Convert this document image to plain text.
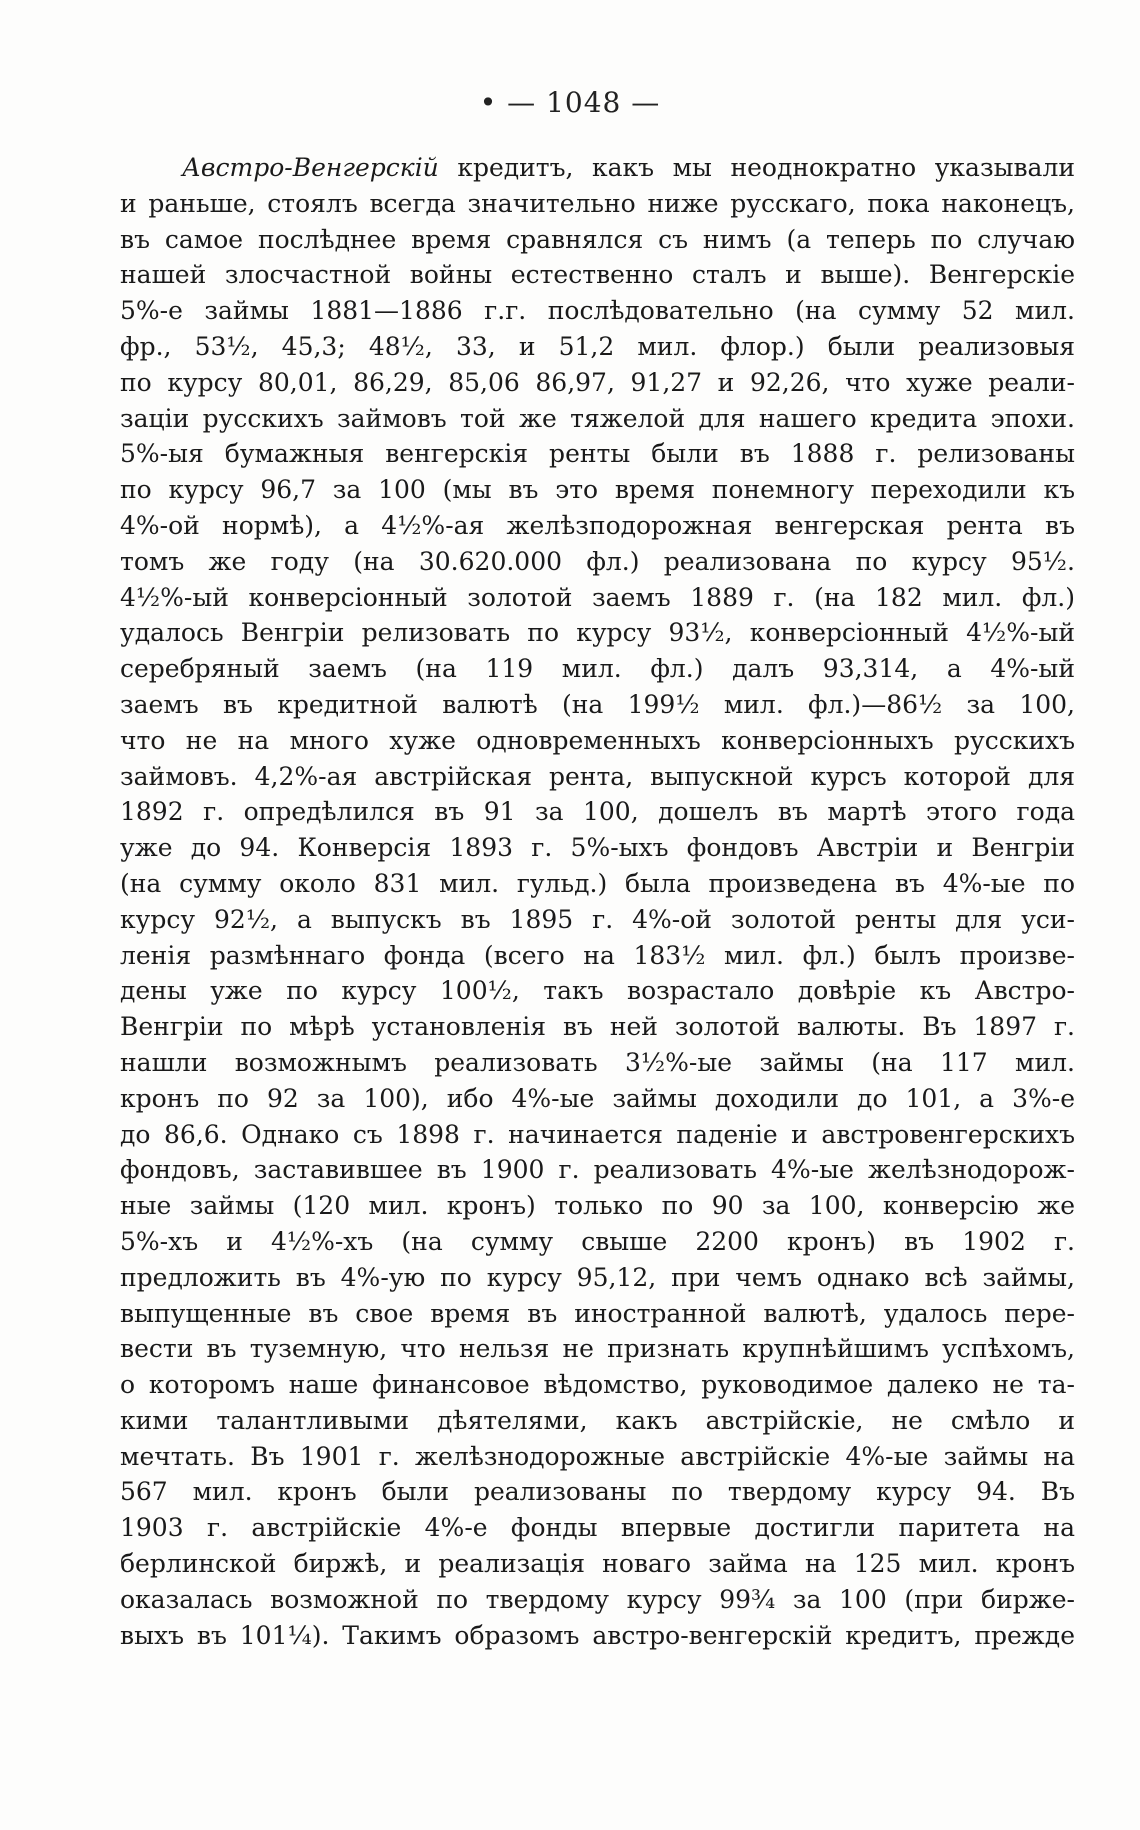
• — 1048 —
Австро-Венгерскій кредитъ, какъ мы неоднократно указывали
и раньше, стоялъ всегда значительно ниже русскаго, пока наконецъ,
въ самое послѣднее время сравнялся съ нимъ (а теперь по случаю
нашей злосчастной войны естественно сталъ и выше). Венгерскіе
5%-е займы 1881—1886 г.г. послѣдовательно (на сумму 52 мил.
фр., 53½, 45,3; 48½, 33, и 51,2 мил. флор.) были реализовыя
по курсу 80,01, 86,29, 85,06 86,97, 91,27 и 92,26, что хуже реали-
заціи русскихъ займовъ той же тяжелой для нашего кредита эпохи.
5%-ыя бумажныя венгерскія ренты были въ 1888 г. релизованы
по курсу 96,7 за 100 (мы въ это время понемногу переходили къ
4%-ой нормѣ), а 4½%-ая желѣзподорожная венгерская рента въ
томъ же году (на 30.620.000 фл.) реализована по курсу 95½.
4½%-ый конверсіонный золотой заемъ 1889 г. (на 182 мил. фл.)
удалось Венгріи релизовать по курсу 93½, конверсіонный 4½%-ый
серебряный заемъ (на 119 мил. фл.) далъ 93,314, а 4%-ый
заемъ въ кредитной валютѣ (на 199½ мил. фл.)—86½ за 100,
что не на много хуже одновременныхъ конверсіонныхъ русскихъ
займовъ. 4,2%-ая австрійская рента, выпускной курсъ которой для
1892 г. опредѣлился въ 91 за 100, дошелъ въ мартѣ этого года
уже до 94. Конверсія 1893 г. 5%-ыхъ фондовъ Австріи и Венгріи
(на сумму около 831 мил. гульд.) была произведена въ 4%-ые по
курсу 92½, а выпускъ въ 1895 г. 4%-ой золотой ренты для уси-
ленія размѣннаго фонда (всего на 183½ мил. фл.) былъ произве-
дены уже по курсу 100½, такъ возрастало довѣріе къ Австро-
Венгріи по мѣрѣ установленія въ ней золотой валюты. Въ 1897 г.
нашли возможнымъ реализовать 3½%-ые займы (на 117 мил.
кронъ по 92 за 100), ибо 4%-ые займы доходили до 101, а 3%-е
до 86,6. Однако съ 1898 г. начинается паденіе и австровенгерскихъ
фондовъ, заставившее въ 1900 г. реализовать 4%-ые желѣзнодорож-
ные займы (120 мил. кронъ) только по 90 за 100, конверсію же
5%-хъ и 4½%-хъ (на сумму свыше 2200 кронъ) въ 1902 г.
предложить въ 4%-ую по курсу 95,12, при чемъ однако всѣ займы,
выпущенные въ свое время въ иностранной валютѣ, удалось пере-
вести въ туземную, что нельзя не признать крупнѣйшимъ успѣхомъ,
о которомъ наше финансовое вѣдомство, руководимое далеко не та-
кими талантливыми дѣятелями, какъ австрійскіе, не смѣло и
мечтать. Въ 1901 г. желѣзнодорожные австрійскіе 4%-ые займы на
567 мил. кронъ были реализованы по твердому курсу 94. Въ
1903 г. австрійскіе 4%-е фонды впервые достигли паритета на
берлинской биржѣ, и реализація новаго займа на 125 мил. кронъ
оказалась возможной по твердому курсу 99¾ за 100 (при бирже-
выхъ въ 101¼). Такимъ образомъ австро-венгерскій кредитъ, прежде
